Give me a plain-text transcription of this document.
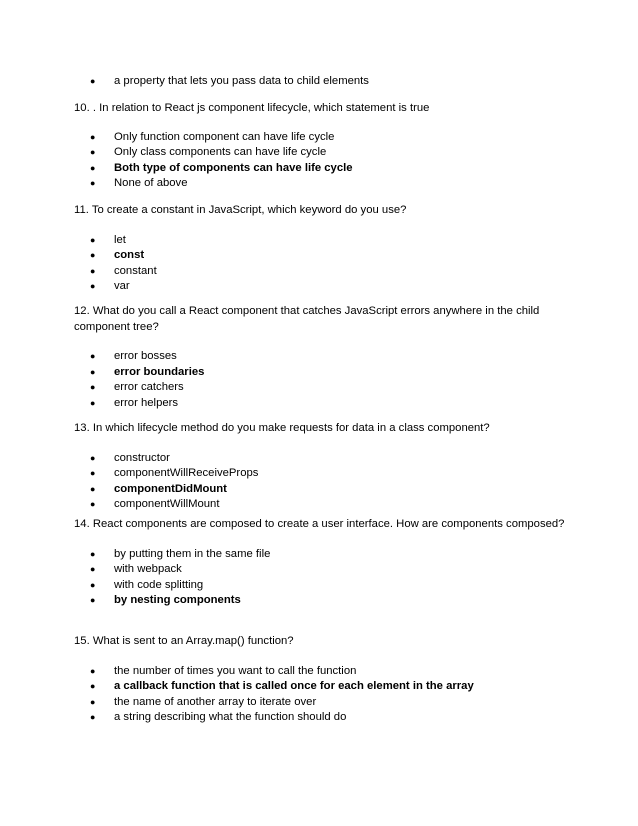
● a property that lets you pass data to child elements

10. . In relation to React js component lifecycle, which statement is true

● Only function component can have life cycle
● Only class components can have life cycle
● Both type of components can have life cycle
● None of above

11. To create a constant in JavaScript, which keyword do you use?

● let
● const
● constant
● var

12. What do you call a React component that catches JavaScript errors anywhere in the child component tree?

● error bosses
● error boundaries
● error catchers
● error helpers

13. In which lifecycle method do you make requests for data in a class component?

● constructor
● componentWillReceiveProps
● componentDidMount
● componentWillMount

14. React components are composed to create a user interface. How are components composed?

● by putting them in the same file
● with webpack
● with code splitting
● by nesting components

15. What is sent to an Array.map() function?

● the number of times you want to call the function
● a callback function that is called once for each element in the array
● the name of another array to iterate over
● a string describing what the function should do
